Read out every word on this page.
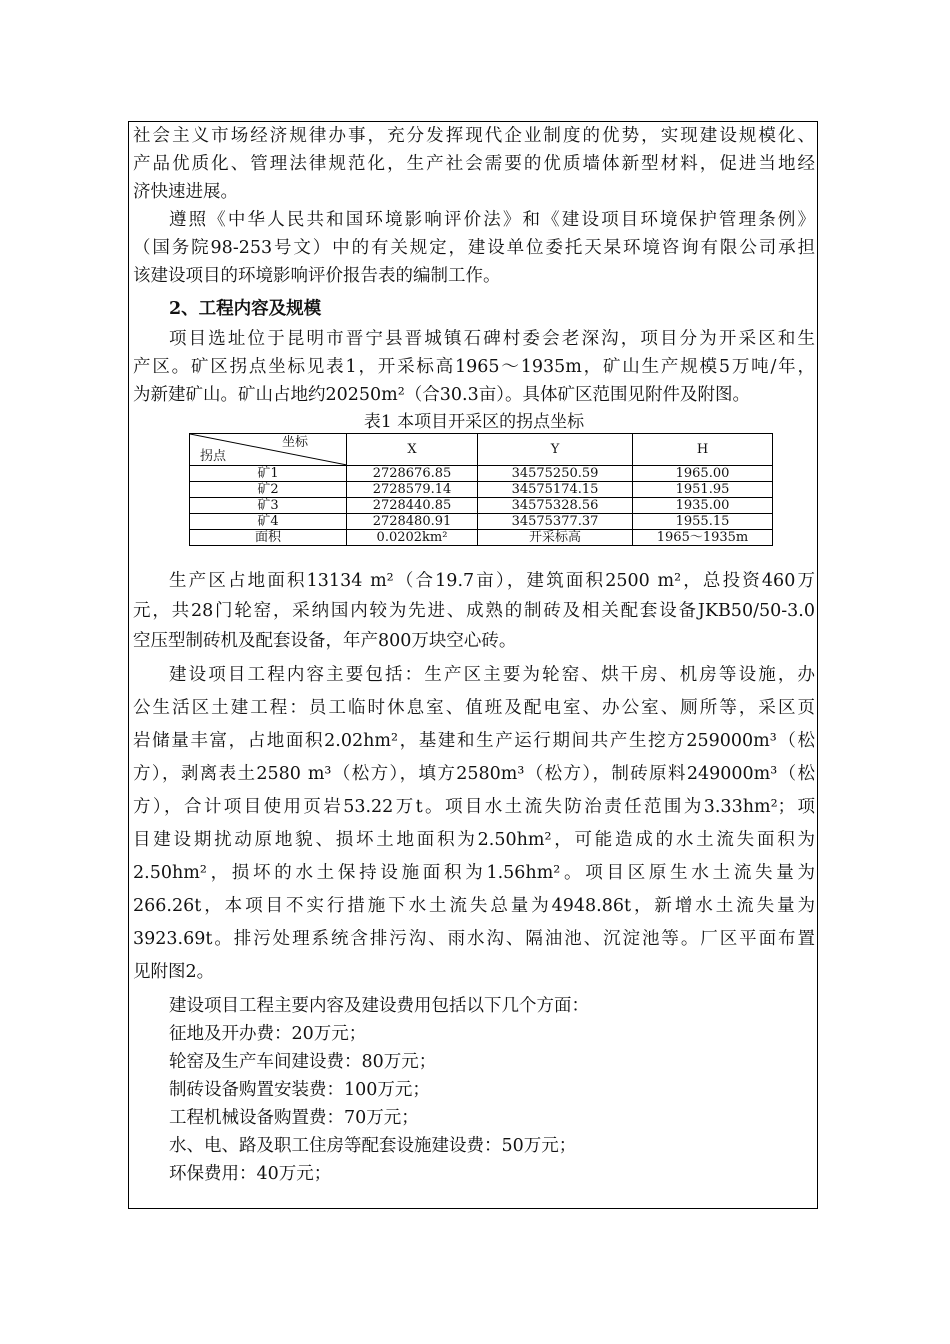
社会主义市场经济规律办事，充分发挥现代企业制度的优势，实现建设规模化、
产品优质化、管理法律规范化，生产社会需要的优质墙体新型材料，促进当地经
济快速进展。
遵照《中华人民共和国环境影响评价法》和《建设项目环境保护管理条例》
（国务院98-253号文）中的有关规定，建设单位委托天杲环境咨询有限公司承担
该建设项目的环境影响评价报告表的编制工作。
2、工程内容及规模
项目选址位于昆明市晋宁县晋城镇石碑村委会老深沟，项目分为开采区和生
产区。矿区拐点坐标见表1，开采标高1965～1935m，矿山生产规模5万吨/年，
为新建矿山。矿山占地约20250m²（合30.3亩）。具体矿区范围见附件及附图。
表1 本项目开采区的拐点坐标
坐标
拐点	X	Y	H
矿1	2728676.85	34575250.59	1965.00
矿2	2728579.14	34575174.15	1951.95
矿3	2728440.85	34575328.56	1935.00
矿4	2728480.91	34575377.37	1955.15
面积	0.0202km²	开采标高	1965～1935m
生产区占地面积13134 m²（合19.7亩），建筑面积2500 m²，总投资460万
元，共28门轮窑，采纳国内较为先进、成熟的制砖及相关配套设备JKB50/50-3.0
空压型制砖机及配套设备，年产800万块空心砖。
建设项目工程内容主要包括：生产区主要为轮窑、烘干房、机房等设施，办
公生活区土建工程：员工临时休息室、值班及配电室、办公室、厕所等，采区页
岩储量丰富，占地面积2.02hm²，基建和生产运行期间共产生挖方259000m³（松
方），剥离表土2580 m³（松方），填方2580m³（松方），制砖原料249000m³（松
方），合计项目使用页岩53.22万t。项目水土流失防治责任范围为3.33hm²；项
目建设期扰动原地貌、损坏土地面积为2.50hm²，可能造成的水土流失面积为
2.50hm²，损坏的水土保持设施面积为1.56hm²。项目区原生水土流失量为
266.26t，本项目不实行措施下水土流失总量为4948.86t，新增水土流失量为
3923.69t。排污处理系统含排污沟、雨水沟、隔油池、沉淀池等。厂区平面布置
见附图2。
建设项目工程主要内容及建设费用包括以下几个方面：
征地及开办费：20万元；
轮窑及生产车间建设费：80万元；
制砖设备购置安装费：100万元；
工程机械设备购置费：70万元；
水、电、路及职工住房等配套设施建设费：50万元；
环保费用：40万元；
